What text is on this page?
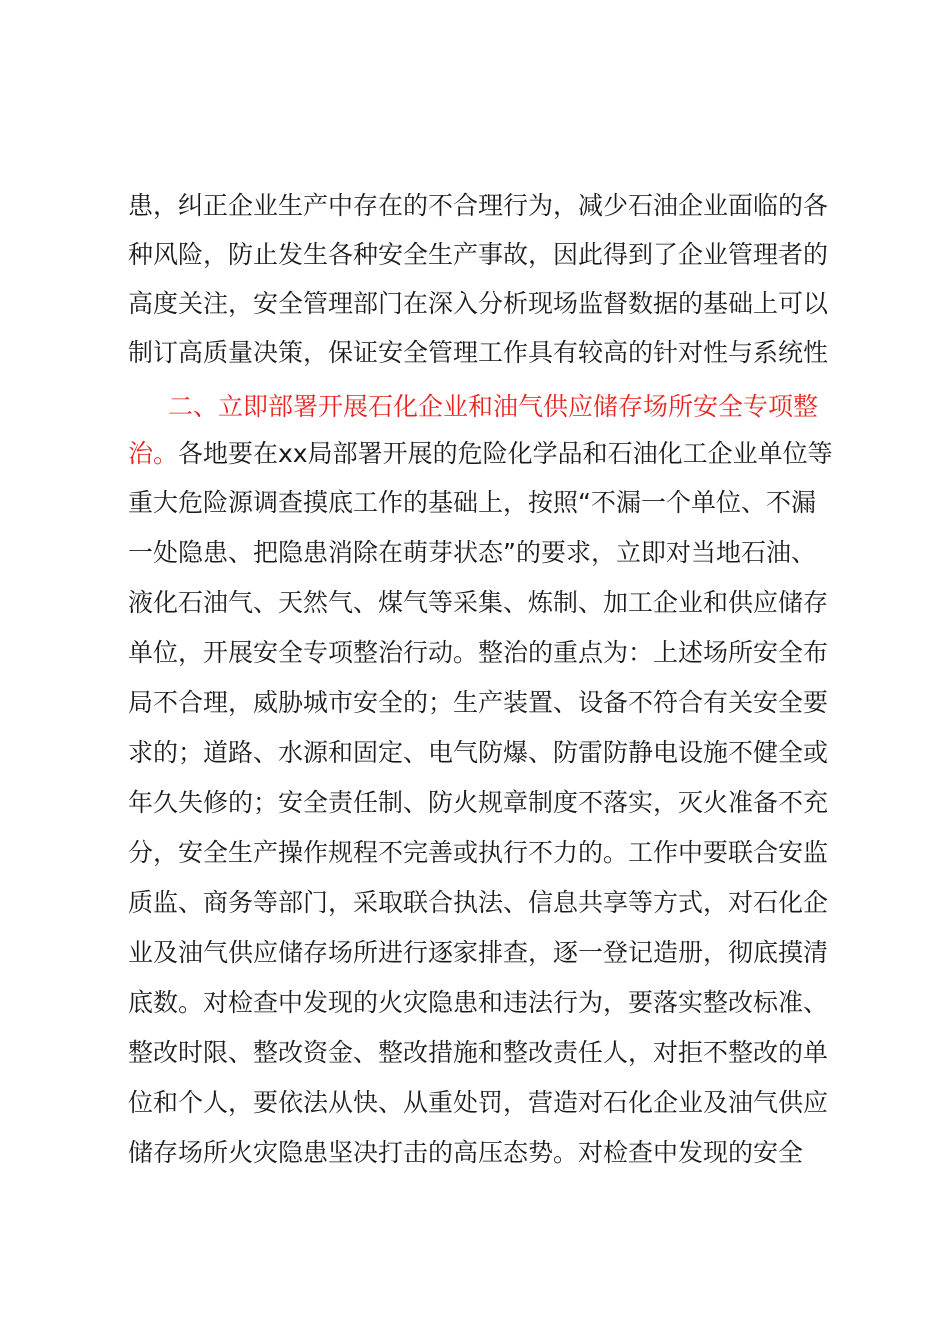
患，纠正企业生产中存在的不合理行为，减少石油企业面临的各
种风险，防止发生各种安全生产事故，因此得到了企业管理者的
高度关注，安全管理部门在深入分析现场监督数据的基础上可以
制订高质量决策，保证安全管理工作具有较高的针对性与系统性
二、立即部署开展石化企业和油气供应储存场所安全专项整
治。各地要在xx局部署开展的危险化学品和石油化工企业单位等
重大危险源调查摸底工作的基础上，按照“不漏一个单位、不漏
一处隐患、把隐患消除在萌芽状态”的要求，立即对当地石油、
液化石油气、天然气、煤气等采集、炼制、加工企业和供应储存
单位，开展安全专项整治行动。整治的重点为：上述场所安全布
局不合理，威胁城市安全的；生产装置、设备不符合有关安全要
求的；道路、水源和固定、电气防爆、防雷防静电设施不健全或
年久失修的；安全责任制、防火规章制度不落实，灭火准备不充
分，安全生产操作规程不完善或执行不力的。工作中要联合安监
质监、商务等部门，采取联合执法、信息共享等方式，对石化企
业及油气供应储存场所进行逐家排查，逐一登记造册，彻底摸清
底数。对检查中发现的火灾隐患和违法行为，要落实整改标准、
整改时限、整改资金、整改措施和整改责任人，对拒不整改的单
位和个人，要依法从快、从重处罚，营造对石化企业及油气供应
储存场所火灾隐患坚决打击的高压态势。对检查中发现的安全
